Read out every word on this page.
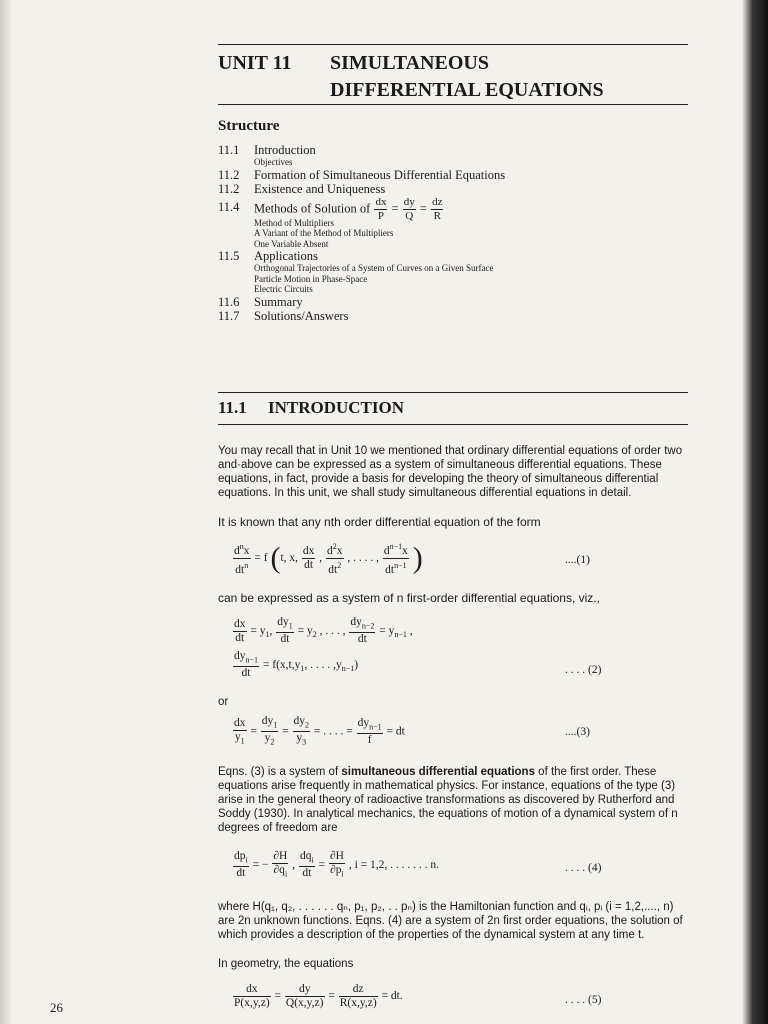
UNIT 11 SIMULTANEOUS
DIFFERENTIAL EQUATIONS
Structure
11.1 Introduction
Objectives
11.2 Formation of Simultaneous Differential Equations
11.2 Existence and Uniqueness
11.4 Methods of Solution of $\frac{dx}{P} = \frac{dy}{Q} = \frac{dz}{R}$
Method of Multipliers
A Variant of the Method of Multipliers
One Variable Absent
11.5 Applications
Orthogonal Trajectories of a System of Curves on a Given Surface
Particle Motion in Phase-Space
Electric Circuits
11.6 Summary
11.7 Solutions/Answers
11.1 INTRODUCTION
You may recall that in Unit 10 we mentioned that ordinary differential equations of order two and·above can be expressed as a system of simultaneous differential equations. These equations, in fact, provide a basis for developing the theory of simultaneous differential equations. In this unit, we shall study simultaneous differential equations in detail.
It is known that any nth order differential equation of the form
$\frac{d^nx}{dt^n} = f$ (t, x, $\frac{dx}{dt}$ , $\frac{d^2x}{dt^2}$ , . . . . , $\frac{d^{n-1}x}{dt^{n-1}}$ )	....(1)
can be expressed as a system of n first-order differential equations, viz.,
$\frac{dx}{dt} = y_1$, $\frac{dy_1}{dt} = y_2$ , . . . , $\frac{dy_{n-2}}{dt} = y_{n-1}$ ,
$\frac{dy_{n-1}}{dt} = f(x,t,y_1$, . . . . $,y_{n-1}$)	. . . . (2)
or
$\frac{dx}{y_1} = \frac{dy_1}{y_2} = \frac{dy_2}{y_3}$ = . . . . = $\frac{dy_{n-1}}{f}$ = dt	....(3)
Eqns. (3) is a system of simultaneous differential equations of the first order. These equations arise frequently in mathematical physics. For instance, equations of the type (3) arise in the general theory of radioactive transformations as discovered by Rutherford and Soddy (1930). In analytical mechanics, the equations of motion of a dynamical system of n degrees of freedom are
$\frac{dp_i}{dt}$ = − $\frac{\partial H}{\partial q_i}$ , $\frac{dq_i}{dt} = \frac{\partial H}{\partial p_i}$ , i = 1,2, . . . . . . . n.	. . . . (4)
where H(q₁, q₂, . . . . . . qₙ, p₁, p₂, . . pₙ) is the Hamiltonian function and qᵢ, pᵢ (i = 1,2,...., n) are 2n unknown functions. Eqns. (4) are a system of 2n first order equations, the solution of which provides a description of the properties of the dynamical system at any time t.
In geometry, the equations
$\frac{dx}{P(x,y,z)} = \frac{dy}{Q(x,y,z)} = \frac{dz}{R(x,y,z)}$ = dt.	. . . . (5)
26
